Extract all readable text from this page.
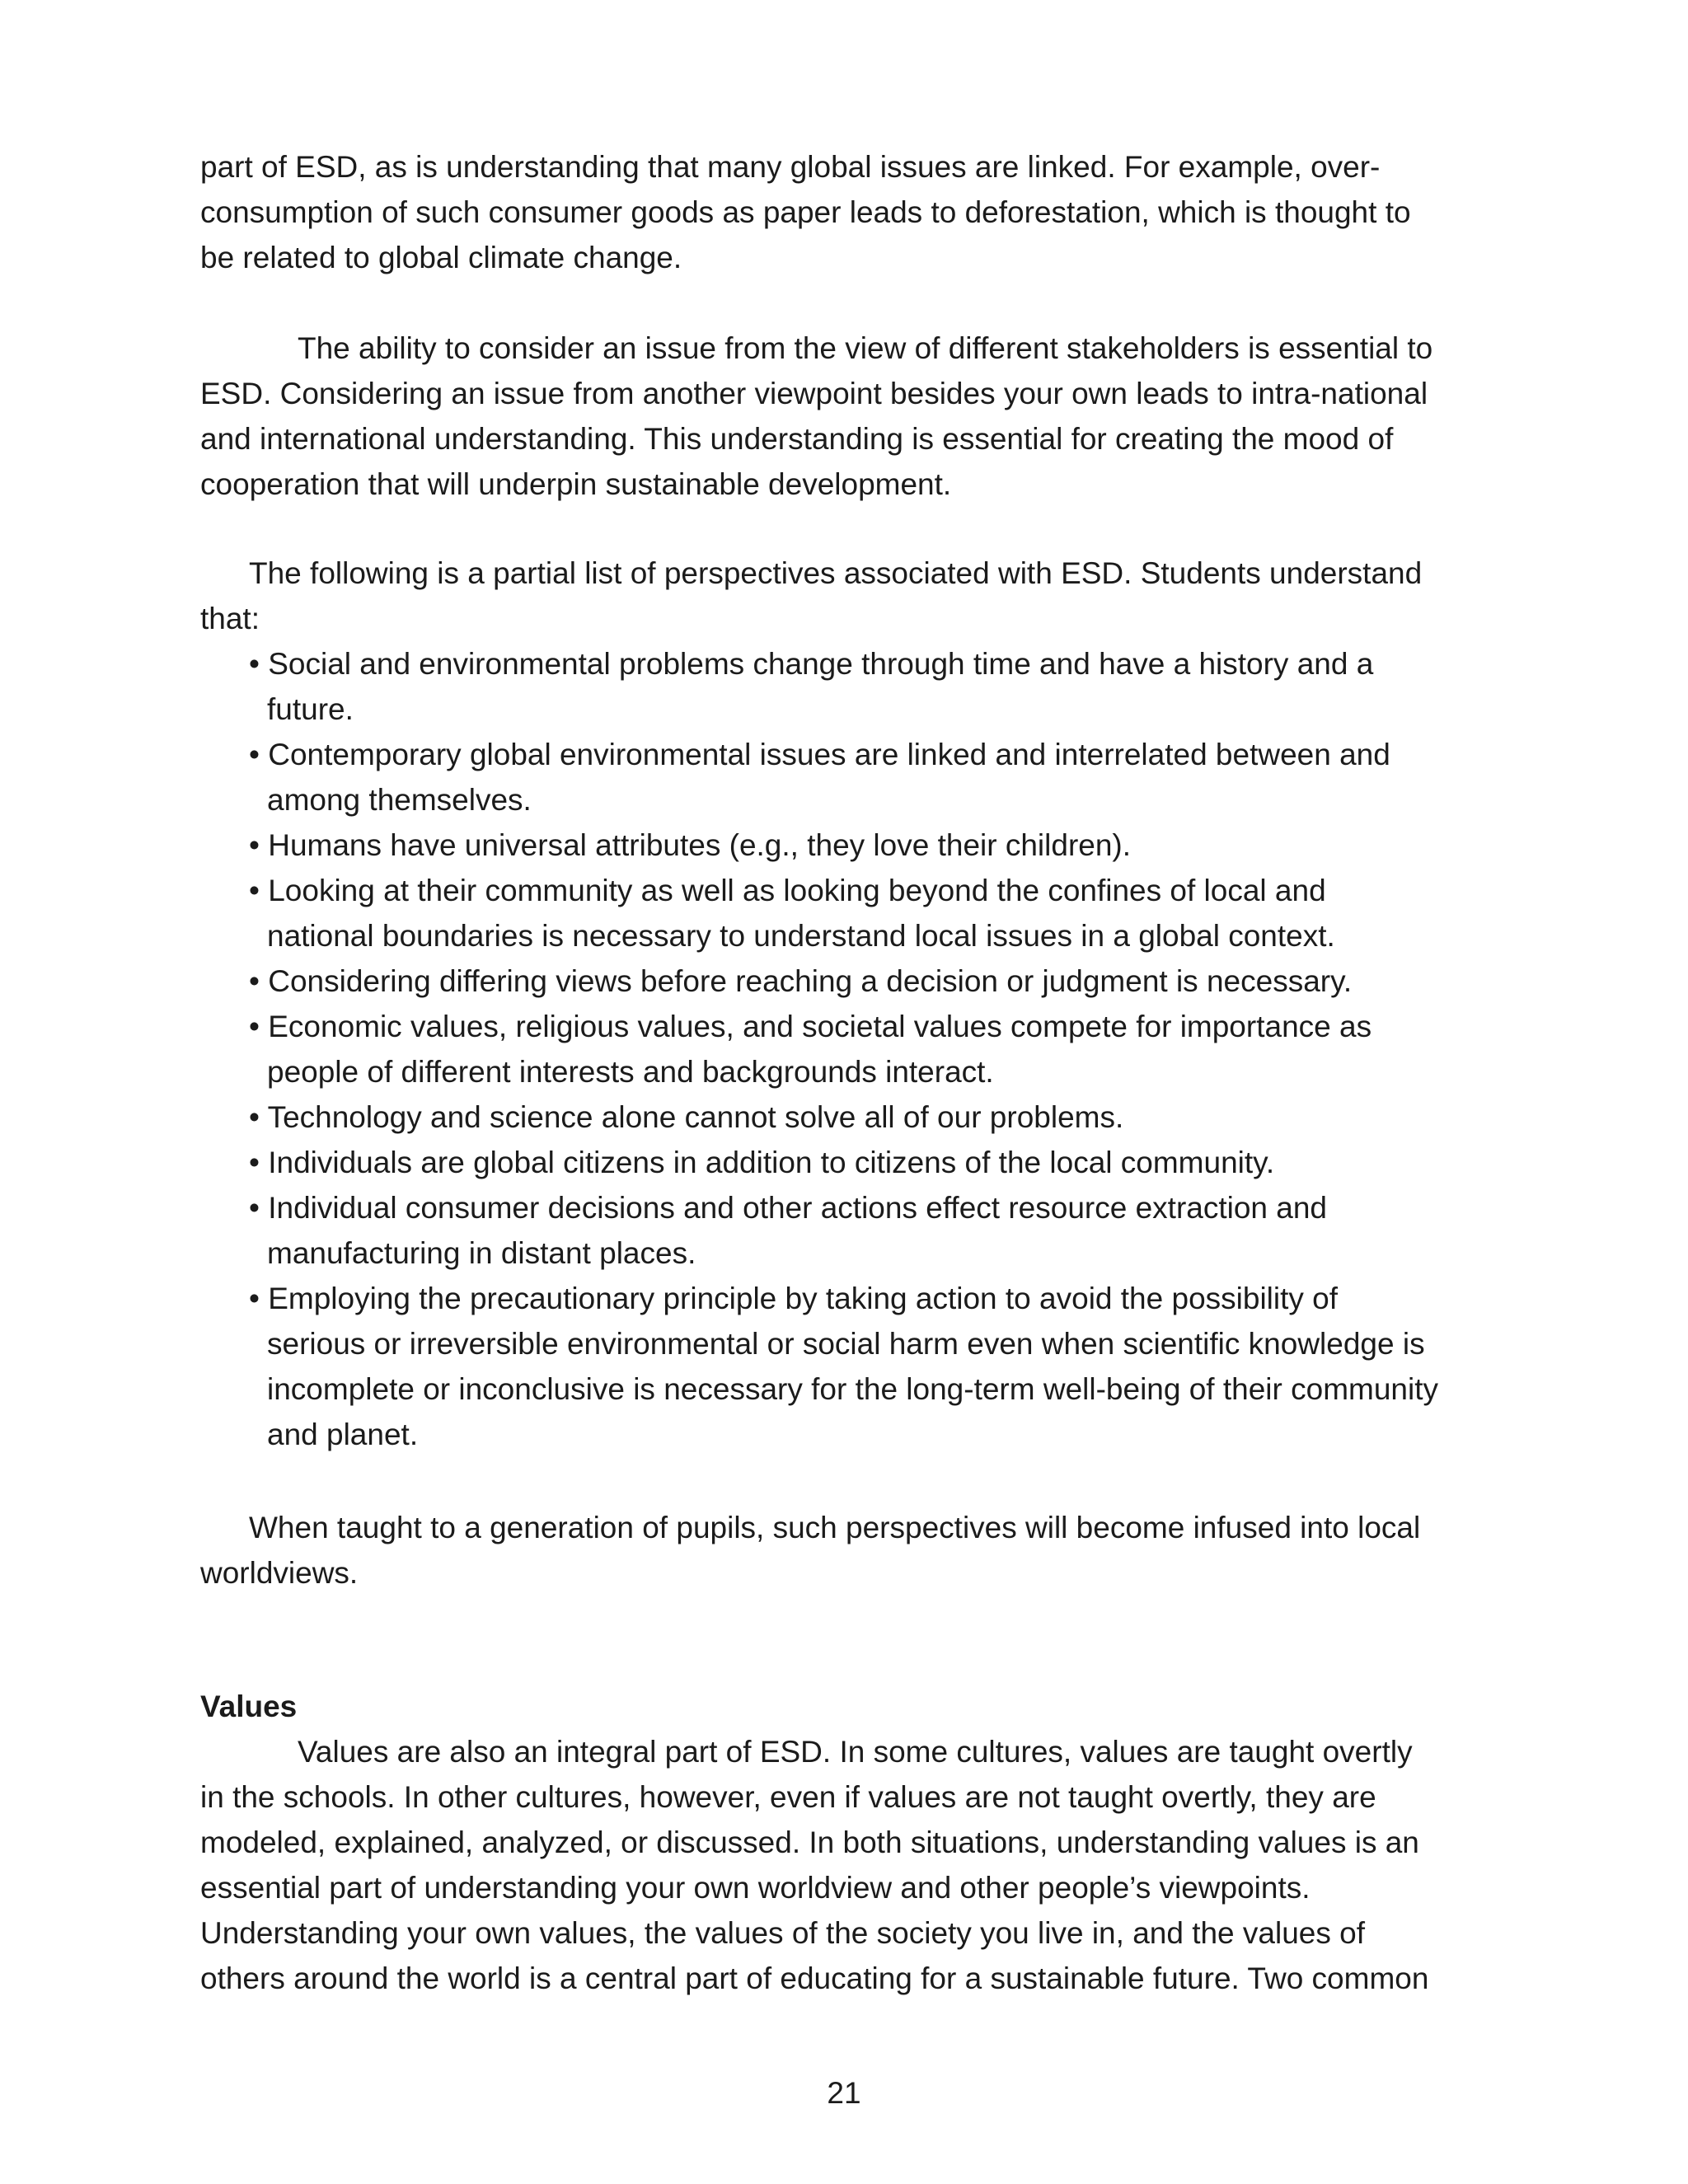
part of ESD, as is understanding that many global issues are linked. For example, over-
consumption of such consumer goods as paper leads to deforestation, which is thought to
be related to global climate change.
The ability to consider an issue from the view of different stakeholders is essential to
ESD. Considering an issue from another viewpoint besides your own leads to intra-national
and international understanding. This understanding is essential for creating the mood of
cooperation that will underpin sustainable development.
The following is a partial list of perspectives associated with ESD. Students understand
that:
• Social and environmental problems change through time and have a history and a
future.
• Contemporary global environmental issues are linked and interrelated between and
among themselves.
• Humans have universal attributes (e.g., they love their children).
• Looking at their community as well as looking beyond the confines of local and
national boundaries is necessary to understand local issues in a global context.
• Considering differing views before reaching a decision or judgment is necessary.
• Economic values, religious values, and societal values compete for importance as
people of different interests and backgrounds interact.
• Technology and science alone cannot solve all of our problems.
• Individuals are global citizens in addition to citizens of the local community.
• Individual consumer decisions and other actions effect resource extraction and
manufacturing in distant places.
• Employing the precautionary principle by taking action to avoid the possibility of
serious or irreversible environmental or social harm even when scientific knowledge is
incomplete or inconclusive is necessary for the long-term well-being of their community
and planet.
When taught to a generation of pupils, such perspectives will become infused into local
worldviews.
Values
Values are also an integral part of ESD. In some cultures, values are taught overtly
in the schools. In other cultures, however, even if values are not taught overtly, they are
modeled, explained, analyzed, or discussed. In both situations, understanding values is an
essential part of understanding your own worldview and other people’s viewpoints.
Understanding your own values, the values of the society you live in, and the values of
others around the world is a central part of educating for a sustainable future. Two common
21
